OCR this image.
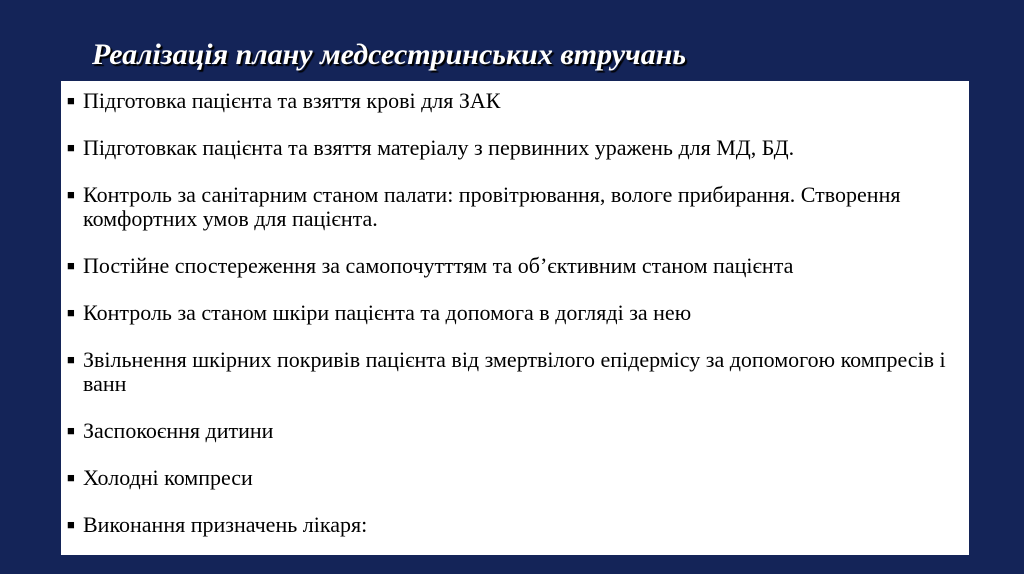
Реалізація плану медсестринських втручань
■ Підготовка пацієнта та взяття крові для ЗАК
■ Підготовкак пацієнта та взяття матеріалу з первинних уражень для МД, БД.
■ Контроль за санітарним станом палати: провітрювання, вологе прибирання. Створення комфортних умов для пацієнта.
■ Постійне спостереження за самопочутттям та об’єктивним станом пацієнта
■ Контроль за станом шкіри пацієнта та допомога в догляді за нею
■ Звільнення шкірних покривів пацієнта від змертвілого епідермісу за допомогою компресів і ванн
■ Заспокоєння дитини
■ Холодні компреси
■ Виконання призначень лікаря:
